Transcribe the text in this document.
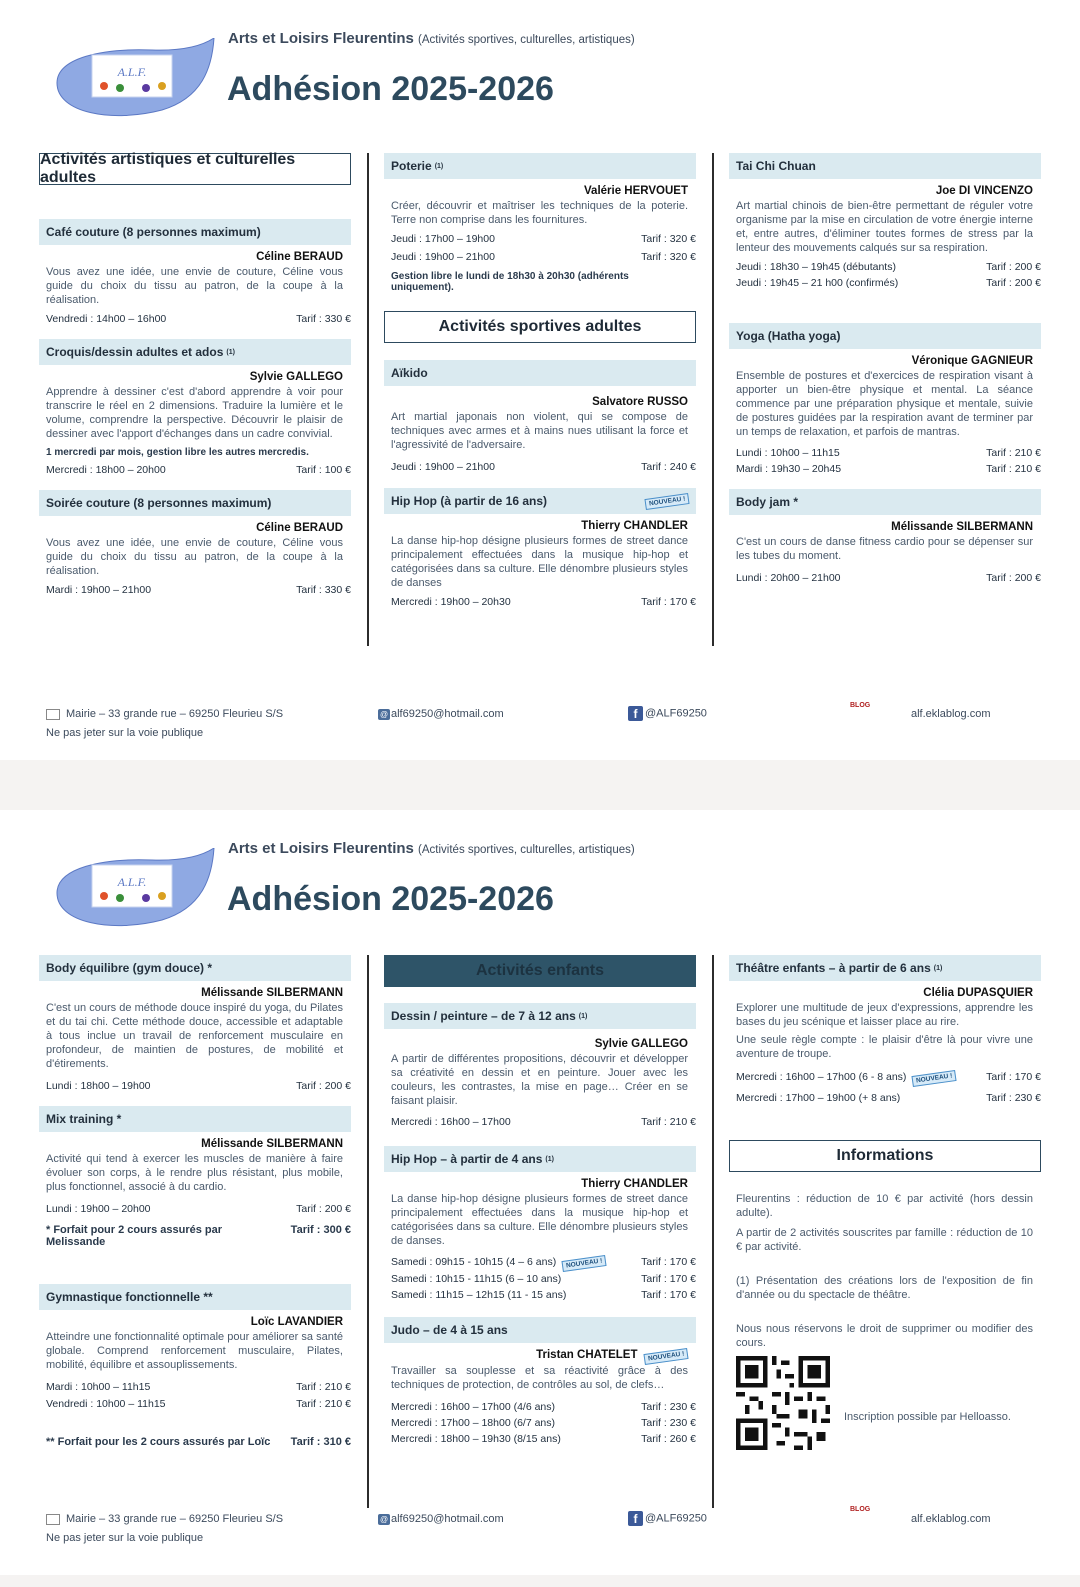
A.L.F.
Arts et Loisirs Fleurentins (Activités sportives, culturelles, artistiques)
Adhésion 2025-2026
Activités artistiques et culturelles adultes
Café couture (8 personnes maximum)
Céline BERAUD
Vous avez une idée, une envie de couture, Céline vous guide du choix du tissu au patron, de la coupe à la réalisation.
Vendredi : 14h00 – 16h00	Tarif : 330 €
Croquis/dessin adultes et ados (1)
Sylvie GALLEGO
Apprendre à dessiner c'est d'abord apprendre à voir pour transcrire le réel en 2 dimensions. Traduire la lumière et le volume, comprendre la perspective. Découvrir le plaisir de dessiner avec l'apport d'échanges dans un cadre convivial.
1 mercredi par mois, gestion libre les autres mercredis.
Mercredi : 18h00 – 20h00	Tarif : 100 €
Soirée couture (8 personnes maximum)
Céline BERAUD
Vous avez une idée, une envie de couture, Céline vous guide du choix du tissu au patron, de la coupe à la réalisation.
Mardi : 19h00 – 21h00	Tarif : 330 €
Poterie (1)
Valérie HERVOUET
Créer, découvrir et maîtriser les techniques de la poterie. Terre non comprise dans les fournitures.
Jeudi : 17h00 – 19h00	Tarif : 320 €
Jeudi : 19h00 – 21h00	Tarif : 320 €
Gestion libre le lundi de 18h30 à 20h30 (adhérents uniquement).
Activités sportives adultes
Aïkido
Salvatore RUSSO
Art martial japonais non violent, qui se compose de techniques avec armes et à mains nues utilisant la force et l'agressivité de l'adversaire.
Jeudi : 19h00 – 21h00	Tarif : 240 €
Hip Hop (à partir de 16 ans)	NOUVEAU !
Thierry CHANDLER
La danse hip-hop désigne plusieurs formes de street dance principalement effectuées dans la musique hip-hop et catégorisées dans sa culture. Elle dénombre plusieurs styles de danses
Mercredi : 19h00 – 20h30	Tarif : 170 €
Tai Chi Chuan
Joe DI VINCENZO
Art martial chinois de bien-être permettant de réguler votre organisme par la mise en circulation de votre énergie interne et, entre autres, d'éliminer toutes formes de stress par la lenteur des mouvements calqués sur sa respiration.
Jeudi : 18h30 – 19h45 (débutants)	Tarif : 200 €
Jeudi : 19h45 – 21 h00 (confirmés)	Tarif : 200 €
Yoga (Hatha yoga)
Véronique GAGNIEUR
Ensemble de postures et d'exercices de respiration visant à apporter un bien-être physique et mental. La séance commence par une préparation physique et mentale, suivie de postures guidées par la respiration avant de terminer par un temps de relaxation, et parfois de mantras.
Lundi : 10h00 – 11h15	Tarif : 210 €
Mardi : 19h30 – 20h45	Tarif : 210 €
Body jam *
Mélissande SILBERMANN
C'est un cours de danse fitness cardio pour se dépenser sur les tubes du moment.
Lundi : 20h00 – 21h00	Tarif : 200 €
Mairie – 33 grande rue – 69250 Fleurieu S/S
Ne pas jeter sur la voie publique
@ alf69250@hotmail.com	f @ALF69250
BLOG
alf.eklablog.com
A.L.F.
Arts et Loisirs Fleurentins (Activités sportives, culturelles, artistiques)
Adhésion 2025-2026
Body équilibre (gym douce) *
Mélissande SILBERMANN
C'est un cours de méthode douce inspiré du yoga, du Pilates et du tai chi. Cette méthode douce, accessible et adaptable à tous inclue un travail de renforcement musculaire en profondeur, de maintien de postures, de mobilité et d'étirements.
Lundi : 18h00 – 19h00	Tarif : 200 €
Mix training *
Mélissande SILBERMANN
Activité qui tend à exercer les muscles de manière à faire évoluer son corps, à le rendre plus résistant, plus mobile, plus fonctionnel, associé à du cardio.
Lundi : 19h00 – 20h00	Tarif : 200 €
* Forfait pour 2 cours assurés par Melissande
Tarif : 300 €
Gymnastique fonctionnelle **
Loïc LAVANDIER
Atteindre une fonctionnalité optimale pour améliorer sa santé globale. Comprend renforcement musculaire, Pilates, mobilité, équilibre et assouplissements.
Mardi : 10h00 – 11h15	Tarif : 210 €
Vendredi : 10h00 – 11h15	Tarif : 210 €
** Forfait pour les 2 cours assurés par Loïc	Tarif : 310 €
Activités enfants
Dessin / peinture – de 7 à 12 ans (1)
Sylvie GALLEGO
A partir de différentes propositions, découvrir et développer sa créativité en dessin et en peinture. Jouer avec les couleurs, les contrastes, la mise en page… Créer en se faisant plaisir.
Mercredi : 16h00 – 17h00	Tarif : 210 €
Hip Hop – à partir de 4 ans (1)
Thierry CHANDLER
La danse hip-hop désigne plusieurs formes de street dance principalement effectuées dans la musique hip-hop et catégorisées dans sa culture. Elle dénombre plusieurs styles de danses.
Samedi : 09h15 - 10h15 (4 – 6 ans) NOUVEAU !	Tarif : 170 €
Samedi : 10h15 - 11h15 (6 – 10 ans)	Tarif : 170 €
Samedi : 11h15 – 12h15 (11 - 15 ans)	Tarif : 170 €
Judo – de 4 à 15 ans
Tristan CHATELET NOUVEAU !
Travailler sa souplesse et sa réactivité grâce à des techniques de protection, de contrôles au sol, de clefs…
Mercredi : 16h00 – 17h00 (4/6 ans)	Tarif : 230 €
Mercredi : 17h00 – 18h00 (6/7 ans)	Tarif : 230 €
Mercredi : 18h00 – 19h30 (8/15 ans)	Tarif : 260 €
Théâtre enfants – à partir de 6 ans (1)
Clélia DUPASQUIER
Explorer une multitude de jeux d'expressions, apprendre les bases du jeu scénique et laisser place au rire.
Une seule règle compte : le plaisir d'être là pour vivre une aventure de troupe.
Mercredi : 16h00 – 17h00 (6 - 8 ans) NOUVEAU !	Tarif : 170 €
Mercredi : 17h00 – 19h00 (+ 8 ans)	Tarif : 230 €
Informations
Fleurentins : réduction de 10 € par activité (hors dessin adulte).
A partir de 2 activités souscrites par famille : réduction de 10 € par activité.
(1) Présentation des créations lors de l'exposition de fin d'année ou du spectacle de théâtre.
Nous nous réservons le droit de supprimer ou modifier des cours.
Inscription possible par Helloasso.
Mairie – 33 grande rue – 69250 Fleurieu S/S
Ne pas jeter sur la voie publique
@ alf69250@hotmail.com	f @ALF69250
BLOG
alf.eklablog.com
